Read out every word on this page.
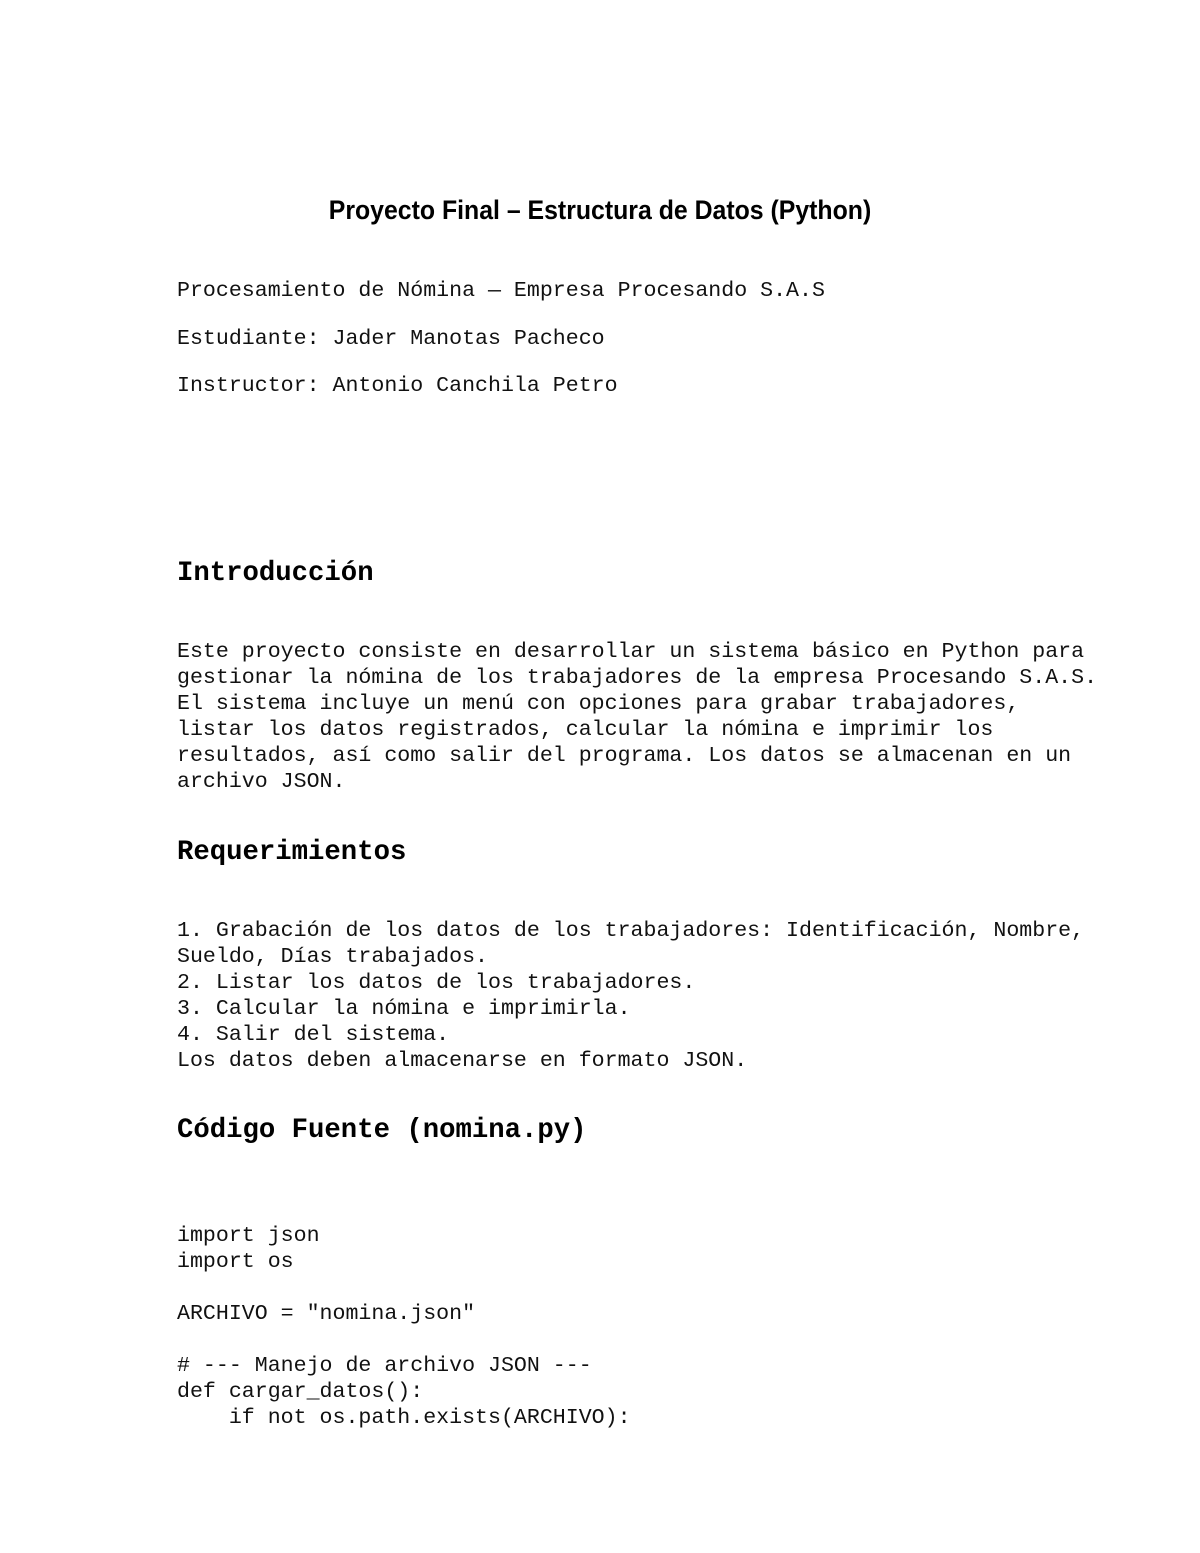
Proyecto Final – Estructura de Datos (Python)
Procesamiento de Nómina — Empresa Procesando S.A.S
Estudiante: Jader Manotas Pacheco
Instructor: Antonio Canchila Petro
Introducción

Este proyecto consiste en desarrollar un sistema básico en Python para
gestionar la nómina de los trabajadores de la empresa Procesando S.A.S.
El sistema incluye un menú con opciones para grabar trabajadores,
listar los datos registrados, calcular la nómina e imprimir los
resultados, así como salir del programa. Los datos se almacenan en un
archivo JSON.

Requerimientos

1. Grabación de los datos de los trabajadores: Identificación, Nombre,
Sueldo, Días trabajados.
2. Listar los datos de los trabajadores.
3. Calcular la nómina e imprimirla.
4. Salir del sistema.
Los datos deben almacenarse en formato JSON.

Código Fuente (nomina.py)

import json
import os
ARCHIVO = "nomina.json"
# --- Manejo de archivo JSON ---
def cargar_datos():
if not os.path.exists(ARCHIVO):
